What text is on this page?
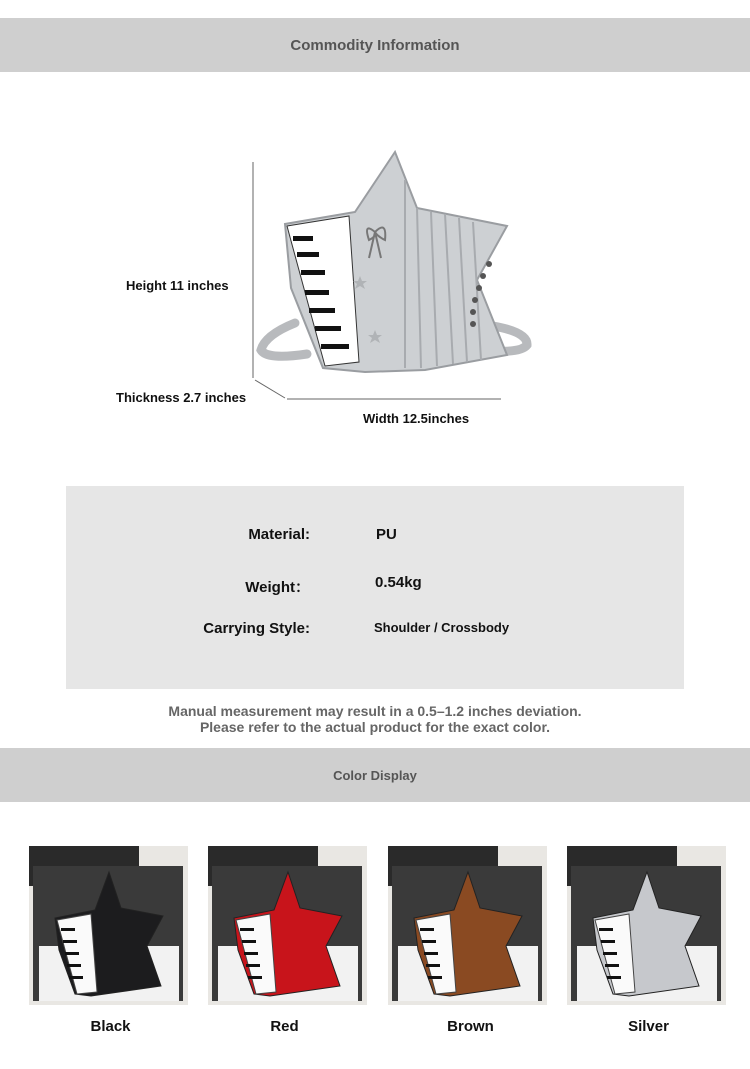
Commodity Information
Height 11 inches
Thickness 2.7 inches
Width 12.5inches
Material:	PU
Weight：	0.54kg
Carrying Style:	Shoulder / Crossbody
Manual measurement may result in a 0.5–1.2 inches deviation.
Please refer to the actual product for the exact color.
Color Display
Black	Red	Brown	Silver
